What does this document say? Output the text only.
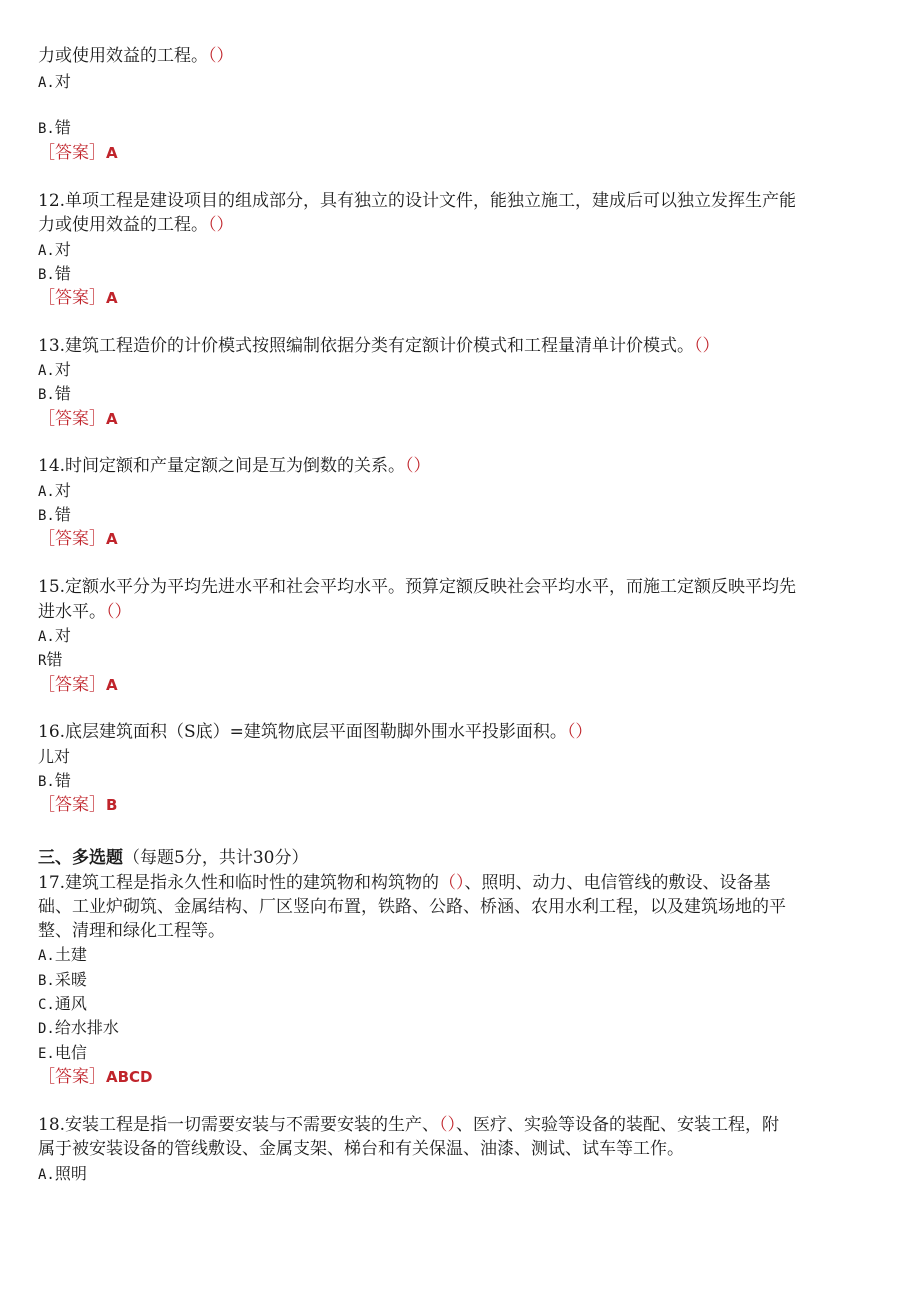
力或使用效益的工程。（）
A.对
B.错
［答案］A
12.单项工程是建设项目的组成部分，具有独立的设计文件，能独立施工，建成后可以独立发挥生产能
力或使用效益的工程。（）
A.对
B.错
［答案］A
13.建筑工程造价的计价模式按照编制依据分类有定额计价模式和工程量清单计价模式。（）
A.对
B.错
［答案］A
14.时间定额和产量定额之间是互为倒数的关系。（）
A.对
B.错
［答案］A
15.定额水平分为平均先进水平和社会平均水平。预算定额反映社会平均水平，而施工定额反映平均先
进水平。（）
A.对
R错
［答案］A
16.底层建筑面积（S底）=建筑物底层平面图勒脚外围水平投影面积。（）
儿对
B.错
［答案］B
三、多选题（每题5分，共计30分）
17.建筑工程是指永久性和临时性的建筑物和构筑物的（）、照明、动力、电信管线的敷设、设备基
础、工业炉砌筑、金属结构、厂区竖向布置，铁路、公路、桥涵、农用水利工程，以及建筑场地的平
整、清理和绿化工程等。
A.土建
B.采暖
C.通风
D.给水排水
E.电信
［答案］ABCD
18.安装工程是指一切需要安装与不需要安装的生产、（）、医疗、实验等设备的装配、安装工程，附
属于被安装设备的管线敷设、金属支架、梯台和有关保温、油漆、测试、试车等工作。
A.照明
